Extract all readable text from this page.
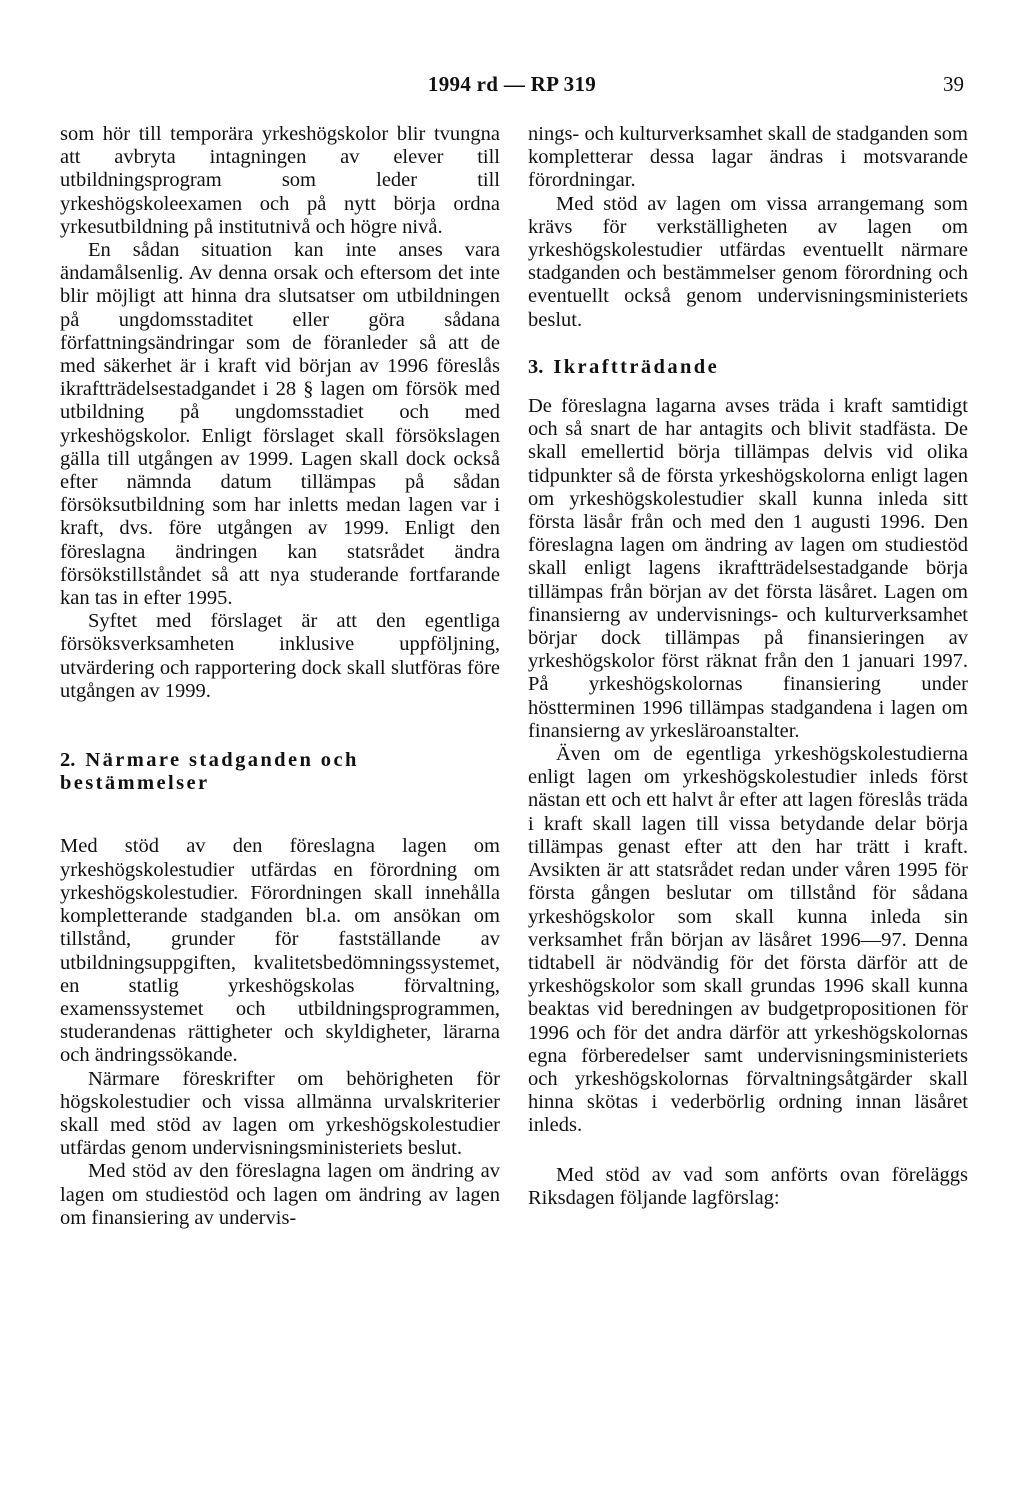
1994 rd — RP 319	39

som hör till temporära yrkeshögskolor blir tvungna att avbryta intagningen av elever till utbildningsprogram som leder till yrkeshögskoleexamen och på nytt börja ordna yrkesutbildning på institutnivå och högre nivå.

En sådan situation kan inte anses vara ändamålsenlig. Av denna orsak och eftersom det inte blir möjligt att hinna dra slutsatser om utbildningen på ungdomsstaditet eller göra sådana författningsändringar som de föranleder så att de med säkerhet är i kraft vid början av 1996 föreslås ikraftträdelsestadgandet i 28 § lagen om försök med utbildning på ungdomsstadiet och med yrkeshögskolor. Enligt förslaget skall försökslagen gälla till utgången av 1999. Lagen skall dock också efter nämnda datum tillämpas på sådan försöksutbildning som har inletts medan lagen var i kraft, dvs. före utgången av 1999. Enligt den föreslagna ändringen kan statsrådet ändra försökstillståndet så att nya studerande fortfarande kan tas in efter 1995.

Syftet med förslaget är att den egentliga försöksverksamheten inklusive uppföljning, utvärdering och rapportering dock skall slutföras före utgången av 1999.

2. Närmare stadganden och bestämmelser

Med stöd av den föreslagna lagen om yrkeshögskolestudier utfärdas en förordning om yrkeshögskolestudier. Förordningen skall innehålla kompletterande stadganden bl.a. om ansökan om tillstånd, grunder för fastställande av utbildningsuppgiften, kvalitetsbedömningssystemet, en statlig yrkeshögskolas förvaltning, examenssystemet och utbildningsprogrammen, studerandenas rättigheter och skyldigheter, lärarna och ändringssökande.

Närmare föreskrifter om behörigheten för högskolestudier och vissa allmänna urvalskriterier skall med stöd av lagen om yrkeshögskolestudier utfärdas genom undervisningsministeriets beslut.

Med stöd av den föreslagna lagen om ändring av lagen om studiestöd och lagen om ändring av lagen om finansiering av undervis-

nings- och kulturverksamhet skall de stadganden som kompletterar dessa lagar ändras i motsvarande förordningar.

Med stöd av lagen om vissa arrangemang som krävs för verkställigheten av lagen om yrkeshögskolestudier utfärdas eventuellt närmare stadganden och bestämmelser genom förordning och eventuellt också genom undervisningsministeriets beslut.

3. Ikraftträdande

De föreslagna lagarna avses träda i kraft samtidigt och så snart de har antagits och blivit stadfästa. De skall emellertid börja tillämpas delvis vid olika tidpunkter så de första yrkeshögskolorna enligt lagen om yrkeshögskolestudier skall kunna inleda sitt första läsår från och med den 1 augusti 1996. Den föreslagna lagen om ändring av lagen om studiestöd skall enligt lagens ikraftträdelsestadgande börja tillämpas från början av det första läsåret. Lagen om finansierng av undervisnings- och kulturverksamhet börjar dock tillämpas på finansieringen av yrkeshögskolor först räknat från den 1 januari 1997. På yrkeshögskolornas finansiering under höstterminen 1996 tillämpas stadgandena i lagen om finansierng av yrkesläroanstalter.

Även om de egentliga yrkeshögskolestudierna enligt lagen om yrkeshögskolestudier inleds först nästan ett och ett halvt år efter att lagen föreslås träda i kraft skall lagen till vissa betydande delar börja tillämpas genast efter att den har trätt i kraft. Avsikten är att statsrådet redan under våren 1995 för första gången beslutar om tillstånd för sådana yrkeshögskolor som skall kunna inleda sin verksamhet från början av läsåret 1996—97. Denna tidtabell är nödvändig för det första därför att de yrkeshögskolor som skall grundas 1996 skall kunna beaktas vid beredningen av budgetpropositionen för 1996 och för det andra därför att yrkeshögskolornas egna förberedelser samt undervisningsministeriets och yrkeshögskolornas förvaltningsåtgärder skall hinna skötas i vederbörlig ordning innan läsåret inleds.

Med stöd av vad som anförts ovan föreläggs Riksdagen följande lagförslag:
